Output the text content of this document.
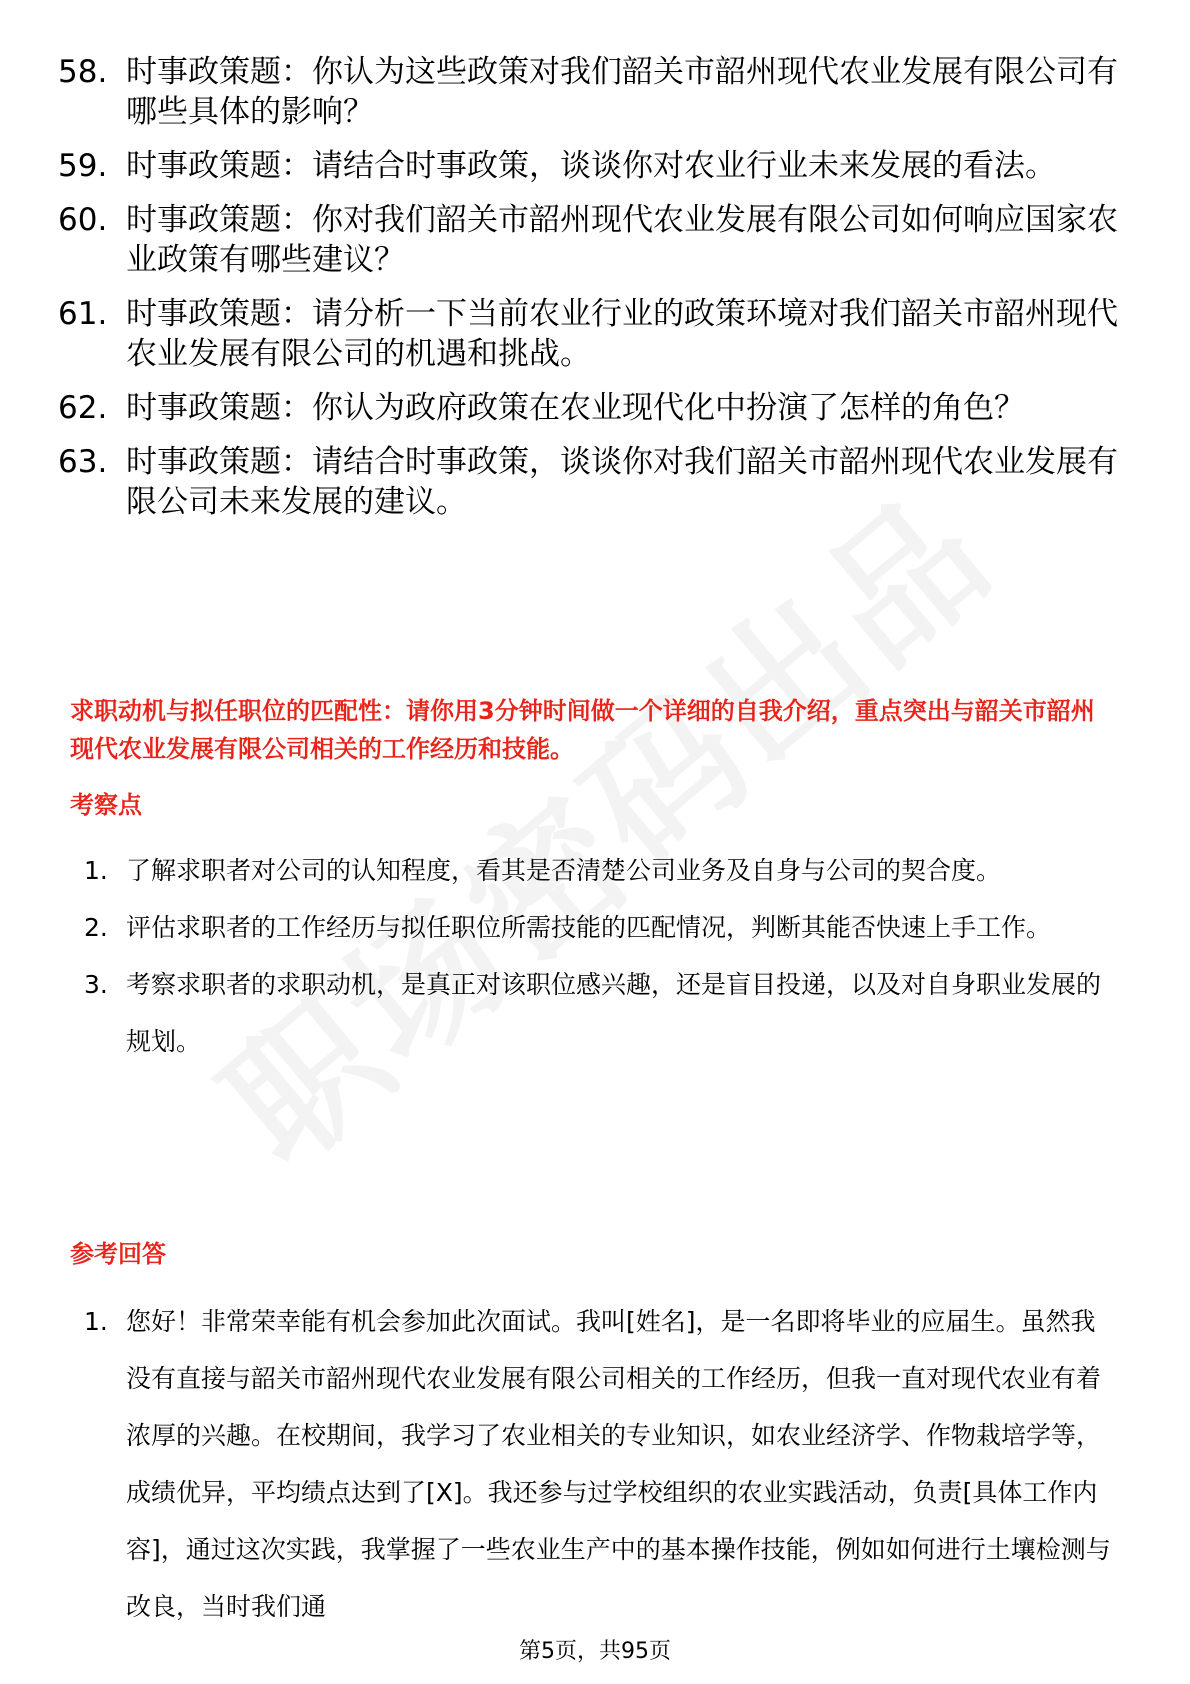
58. 时事政策题：你认为这些政策对我们韶关市韶州现代农业发展有限公司有哪些具体的影响？
59. 时事政策题：请结合时事政策，谈谈你对农业行业未来发展的看法。
60. 时事政策题：你对我们韶关市韶州现代农业发展有限公司如何响应国家农业政策有哪些建议？
61. 时事政策题：请分析一下当前农业行业的政策环境对我们韶关市韶州现代农业发展有限公司的机遇和挑战。
62. 时事政策题：你认为政府政策在农业现代化中扮演了怎样的角色？
63. 时事政策题：请结合时事政策，谈谈你对我们韶关市韶州现代农业发展有限公司未来发展的建议。
求职动机与拟任职位的匹配性：请你用3分钟时间做一个详细的自我介绍，重点突出与韶关市韶州现代农业发展有限公司相关的工作经历和技能。
考察点
1. 了解求职者对公司的认知程度，看其是否清楚公司业务及自身与公司的契合度。
2. 评估求职者的工作经历与拟任职位所需技能的匹配情况，判断其能否快速上手工作。
3. 考察求职者的求职动机，是真正对该职位感兴趣，还是盲目投递，以及对自身职业发展的规划。
参考回答
1. 您好！非常荣幸能有机会参加此次面试。我叫[姓名]，是一名即将毕业的应届生。虽然我没有直接与韶关市韶州现代农业发展有限公司相关的工作经历，但我一直对现代农业有着浓厚的兴趣。在校期间，我学习了农业相关的专业知识，如农业经济学、作物栽培学等，成绩优异，平均绩点达到了[X]。我还参与过学校组织的农业实践活动，负责[具体工作内容]，通过这次实践，我掌握了一些农业生产中的基本操作技能，例如如何进行土壤检测与改良，当时我们通
第5页，共95页
